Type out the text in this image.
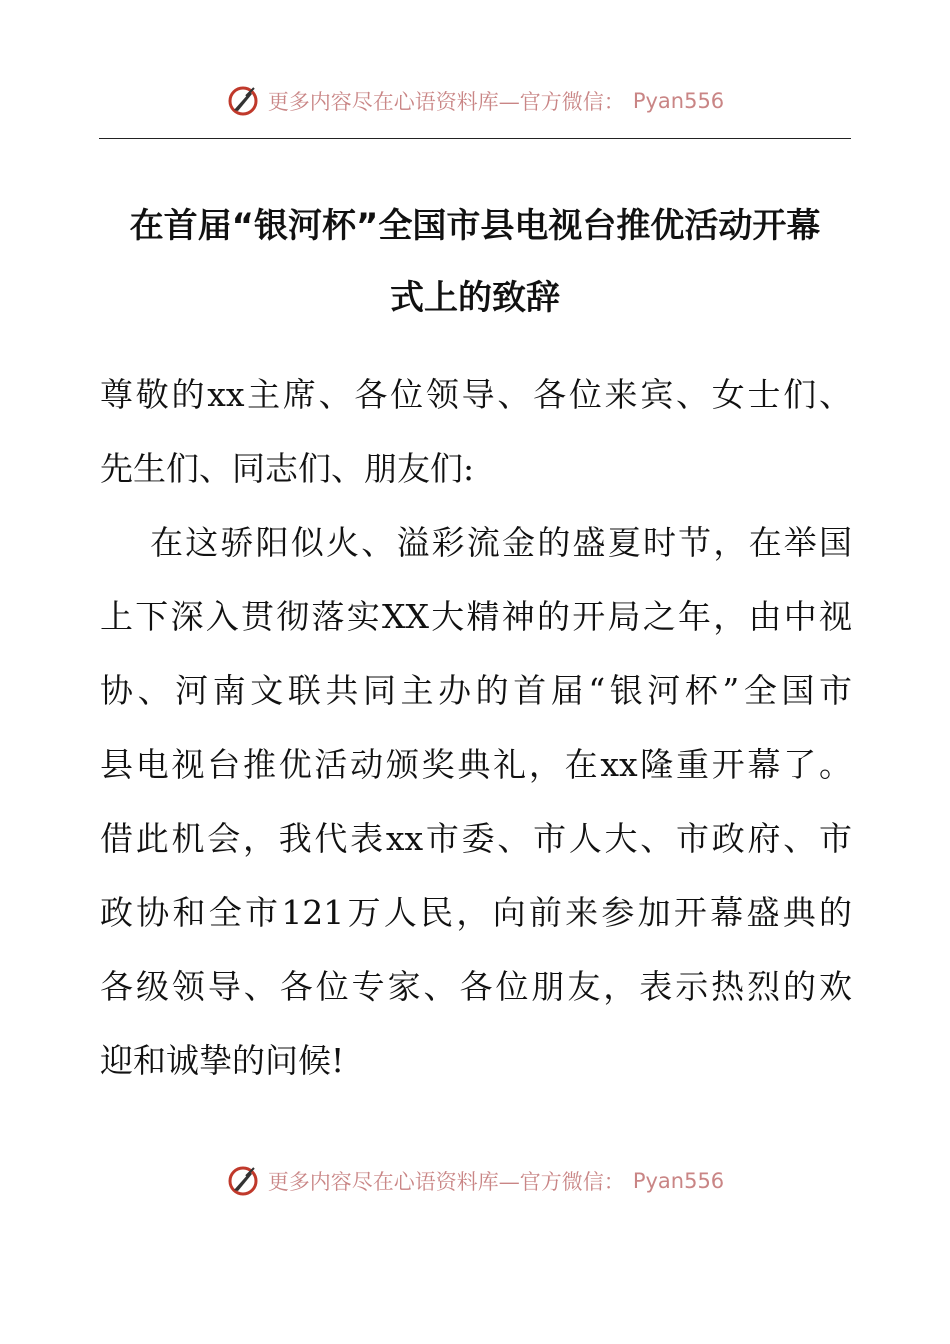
更多内容尽在心语资料库—官方微信： Pyan556
在首届“银河杯”全国市县电视台推优活动开幕
式上的致辞
尊敬的xx主席、各位领导、各位来宾、女士们、
先生们、同志们、朋友们:
在这骄阳似火、溢彩流金的盛夏时节，在举国
上下深入贯彻落实XX大精神的开局之年，由中视
协、河南文联共同主办的首届“银河杯”全国市
县电视台推优活动颁奖典礼，在xx隆重开幕了。
借此机会，我代表xx市委、市人大、市政府、市
政协和全市121万人民，向前来参加开幕盛典的
各级领导、各位专家、各位朋友，表示热烈的欢
迎和诚挚的问候!
更多内容尽在心语资料库—官方微信： Pyan556
